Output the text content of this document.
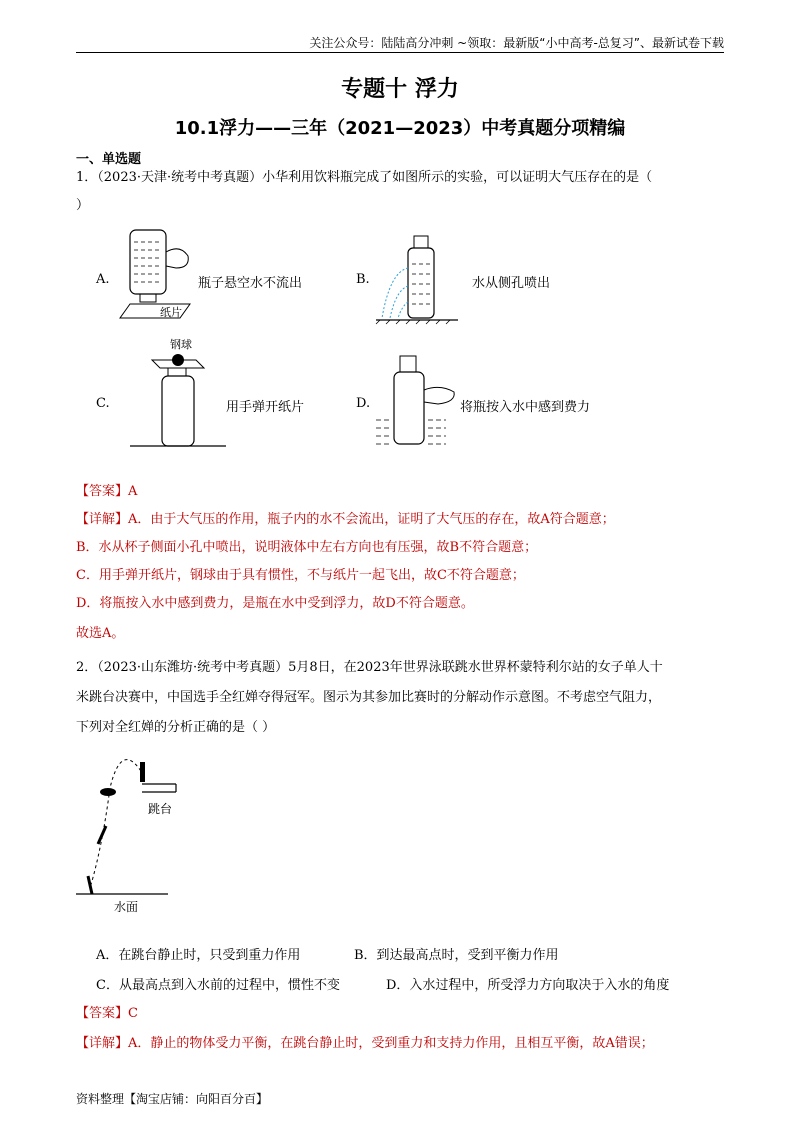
关注公众号：陆陆高分冲刺 ~领取：最新版“小中高考-总复习”、最新试卷下载
专题十 浮力
10.1浮力——三年（2021—2023）中考真题分项精编
一、单选题
1．（2023·天津·统考中考真题）小华利用饮料瓶完成了如图所示的实验，可以证明大气压存在的是（
）
A.
纸片
瓶子悬空水不流出	B.	水从侧孔喷出
钢球
C.	用手弹开纸片	D.	将瓶按入水中感到费力
【答案】A
【详解】A．由于大气压的作用，瓶子内的水不会流出，证明了大气压的存在，故A符合题意；
B．水从杯子侧面小孔中喷出，说明液体中左右方向也有压强，故B不符合题意；
C．用手弹开纸片，钢球由于具有惯性，不与纸片一起飞出，故C不符合题意；
D．将瓶按入水中感到费力，是瓶在水中受到浮力，故D不符合题意。
故选A。
2．（2023·山东潍坊·统考中考真题）5月8日，在2023年世界泳联跳水世界杯蒙特利尔站的女子单人十
米跳台决赛中，中国选手全红婵夺得冠军。图示为其参加比赛时的分解动作示意图。不考虑空气阻力，
下列对全红婵的分析正确的是（ ）
跳台
水面
A．在跳台静止时，只受到重力作用	B．到达最高点时，受到平衡力作用
C．从最高点到入水前的过程中，惯性不变	D．入水过程中，所受浮力方向取决于入水的角度
【答案】C
【详解】A．静止的物体受力平衡，在跳台静止时，受到重力和支持力作用，且相互平衡，故A错误；
资料整理【淘宝店铺：向阳百分百】
